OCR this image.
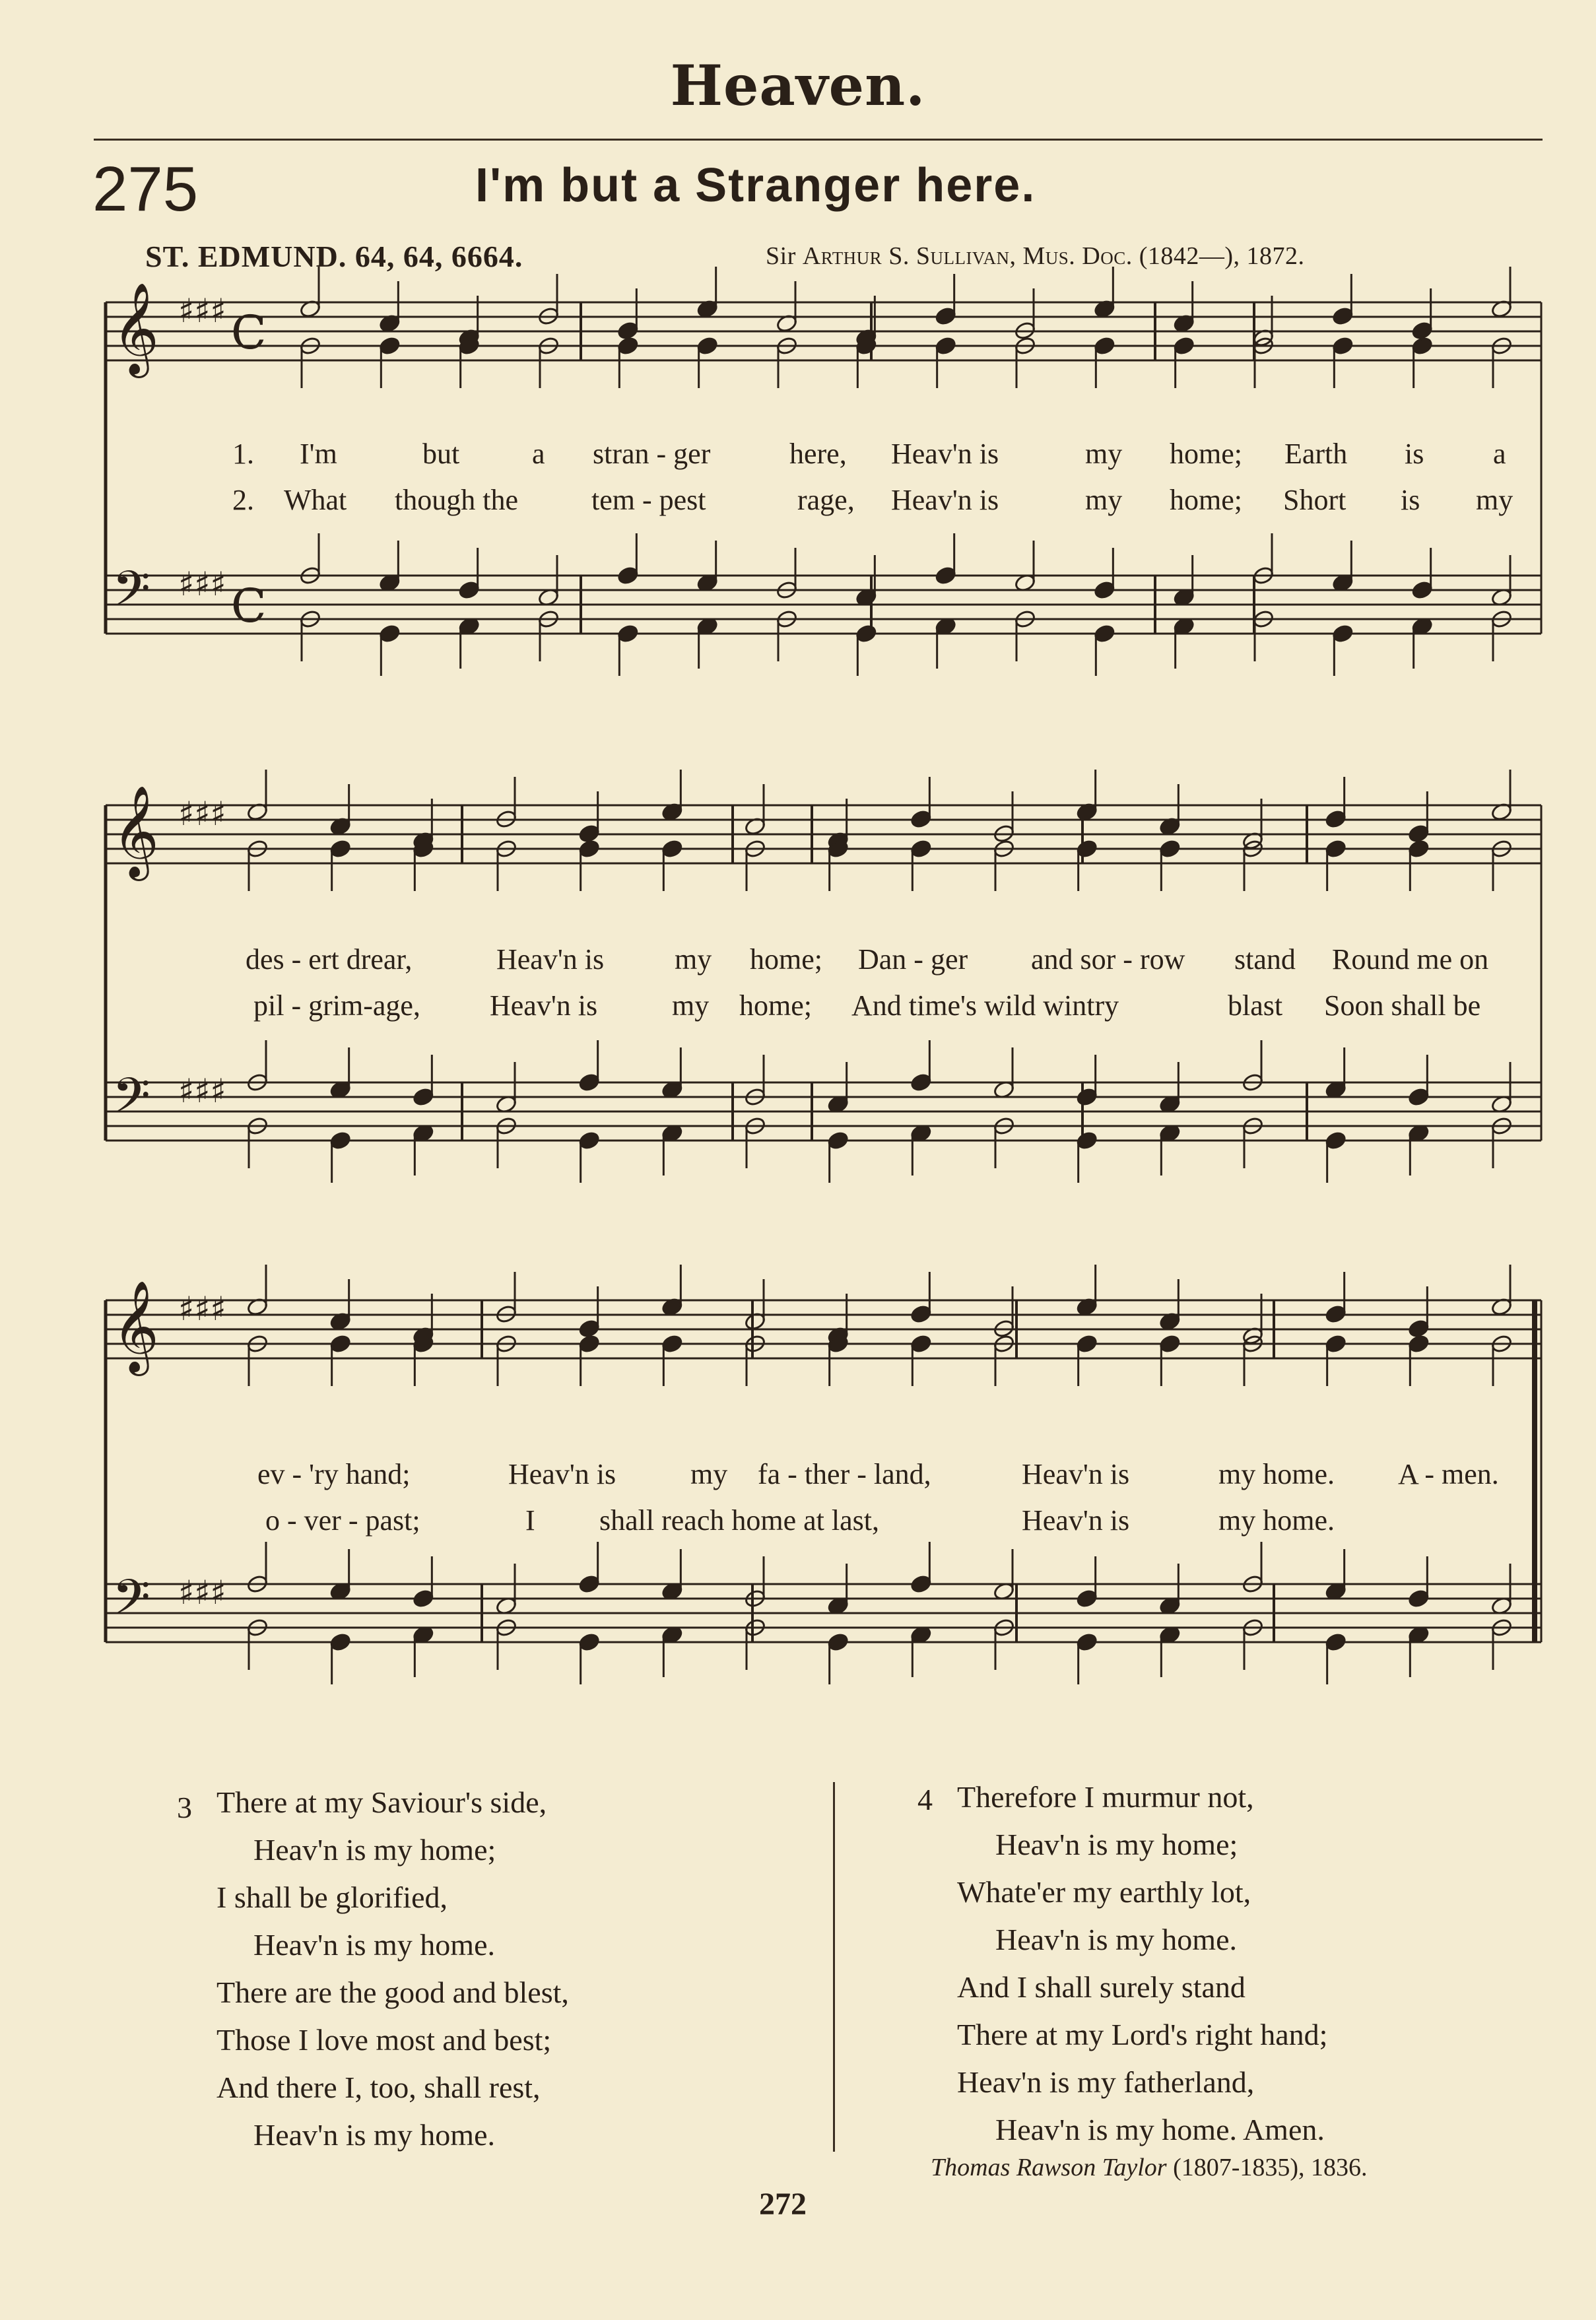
Heaven.
275	I'm but a Stranger here.
ST. EDMUND. 64, 64, 6664.	Sir Arthur S. Sullivan, Mus. Doc. (1842—), 1872.
𝄞 ♯♯♯ C
𝄢 ♯♯♯ C
𝄞 ♯♯♯
𝄢 ♯♯♯
𝄞 ♯♯♯
𝄢 ♯♯♯
1. I'm	but a stran - ger	here, Heav'n is	my home; Earth is a
2. What though the	tem - pest	rage, Heav'n is	my home; Short is my
des - ert drear,	Heav'n is my home; Dan - ger and sor - row stand Round me on
pil - grim-age, Heav'n is	my home; And time's wild wintry	blast Soon shall be
ev - 'ry hand;	Heav'n is	my fa - ther - land,	Heav'n is	my home. A - men.
o - ver - past;	I shall reach home at last,	Heav'n is	my home.
3 There at my Saviour's side,
Heav'n is my home;
I shall be glorified,
Heav'n is my home.
There are the good and blest,
Those I love most and best;
And there I, too, shall rest,
Heav'n is my home.
4 Therefore I murmur not,
Heav'n is my home;
Whate'er my earthly lot,
Heav'n is my home.
And I shall surely stand
There at my Lord's right hand;
Heav'n is my fatherland,
Heav'n is my home. Amen.
Thomas Rawson Taylor (1807-1835), 1836.
272
